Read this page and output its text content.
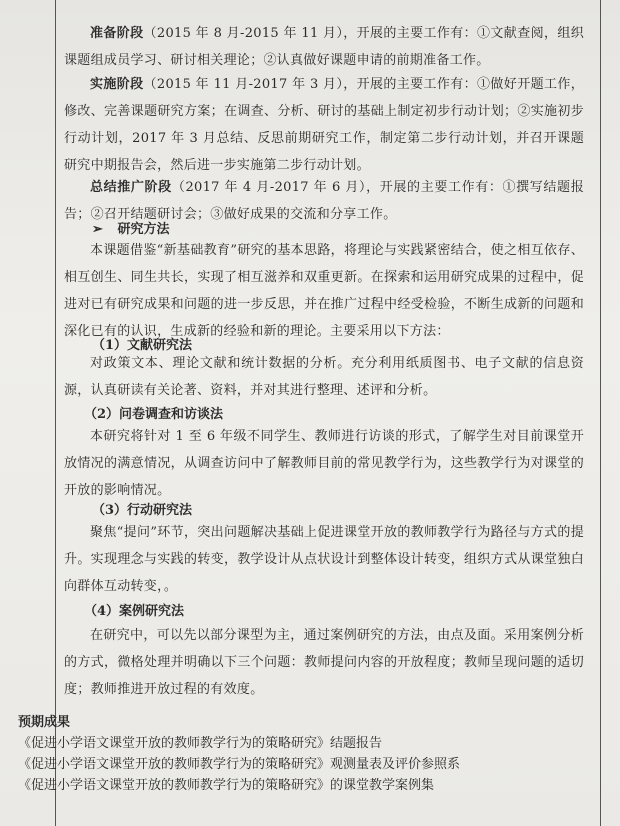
准备阶段（2015 年 8 月-2015 年 11 月），开展的主要工作有：①文献查阅，组织课题组成员学习、研讨相关理论；②认真做好课题申请的前期准备工作。

实施阶段（2015 年 11 月-2017 年 3 月），开展的主要工作有：①做好开题工作，修改、完善课题研究方案；在调查、分析、研讨的基础上制定初步行动计划；②实施初步行动计划，2017 年 3 月总结、反思前期研究工作，制定第二步行动计划，并召开课题研究中期报告会，然后进一步实施第二步行动计划。

总结推广阶段（2017 年 4 月-2017 年 6 月），开展的主要工作有：①撰写结题报告；②召开结题研讨会；③做好成果的交流和分享工作。

➢ 研究方法

本课题借鉴“新基础教育”研究的基本思路，将理论与实践紧密结合，使之相互依存、相互创生、同生共长，实现了相互滋养和双重更新。在探索和运用研究成果的过程中，促进对已有研究成果和问题的进一步反思，并在推广过程中经受检验，不断生成新的问题和深化已有的认识，生成新的经验和新的理论。主要采用以下方法：

（1）文献研究法

对政策文本、理论文献和统计数据的分析。充分利用纸质图书、电子文献的信息资源，认真研读有关论著、资料，并对其进行整理、述评和分析。

（2）问卷调查和访谈法

本研究将针对 1 至 6 年级不同学生、教师进行访谈的形式，了解学生对目前课堂开放情况的满意情况，从调查访问中了解教师目前的常见教学行为，这些教学行为对课堂的开放的影响情况。

（3）行动研究法

聚焦“提问”环节，突出问题解决基础上促进课堂开放的教师教学行为路径与方式的提升。实现理念与实践的转变，教学设计从点状设计到整体设计转变，组织方式从课堂独白向群体互动转变，。

（4）案例研究法

在研究中，可以先以部分课型为主，通过案例研究的方法，由点及面。采用案例分析的方式，微格处理并明确以下三个问题：教师提问内容的开放程度；教师呈现问题的适切度；教师推进开放过程的有效度。

预期成果
《促进小学语文课堂开放的教师教学行为的策略研究》结题报告
《促进小学语文课堂开放的教师教学行为的策略研究》观测量表及评价参照系
《促进小学语文课堂开放的教师教学行为的策略研究》的课堂教学案例集
